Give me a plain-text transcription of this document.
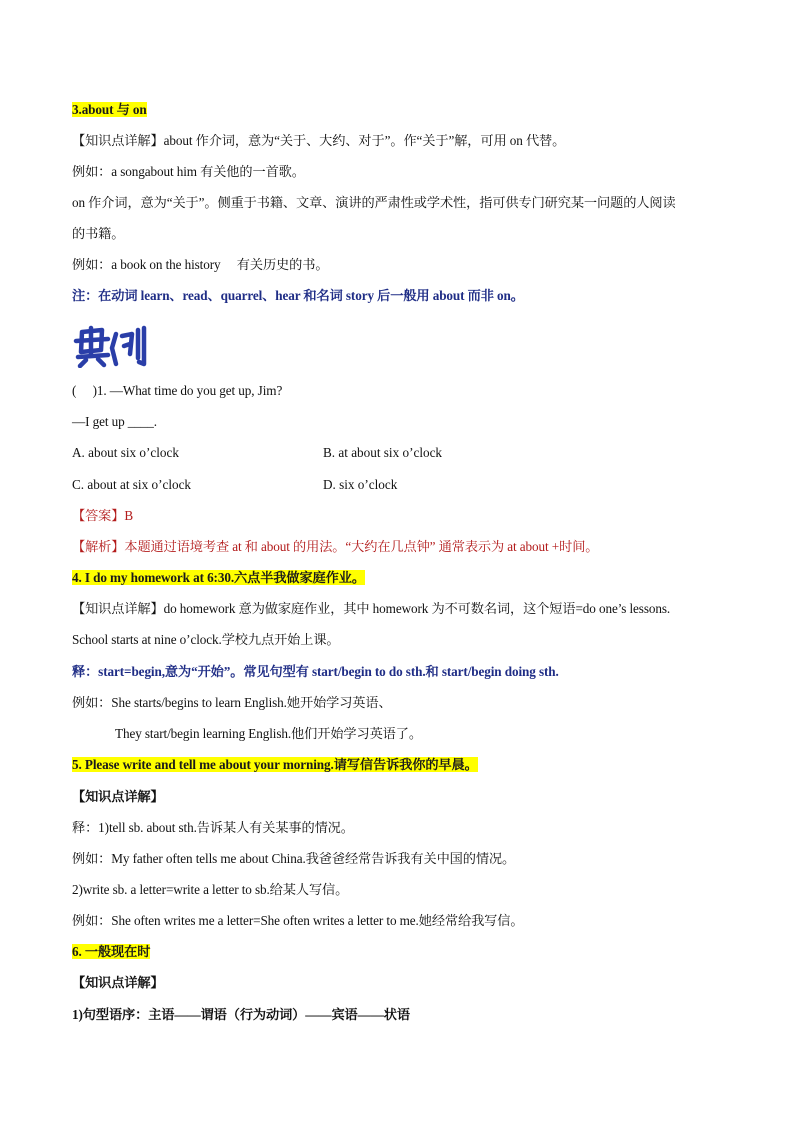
3.about 与 on
【知识点详解】about 作介词，意为“关于、大约、对于”。作“关于”解，可用 on 代替。
例如：a songabout him 有关他的一首歌。
on 作介词，意为“关于”。侧重于书籍、文章、演讲的严肃性或学术性，指可供专门研究某一问题的人阅读
的书籍。
例如：a book on the history　 有关历史的书。
注：在动词 learn、read、quarrel、hear 和名词 story 后一般用 about 而非 on。
(　 )1. —What time do you get up, Jim?
—I get up ____.
A. about six o’clock	B. at about six o’clock
C. about at six o’clock	D. six o’clock
【答案】B
【解析】本题通过语境考查 at 和 about 的用法。“大约在几点钟” 通常表示为 at about +时间。
4. I do my homework at 6:30.六点半我做家庭作业。
【知识点详解】do homework 意为做家庭作业，其中 homework 为不可数名词，这个短语=do one’s lessons.
School starts at nine o’clock.学校九点开始上课。
释：start=begin,意为“开始”。常见句型有 start/begin to do sth.和 start/begin doing sth.
例如：She starts/begins to learn English.她开始学习英语、
They start/begin learning English.他们开始学习英语了。
5. Please write and tell me about your morning.请写信告诉我你的早晨。
【知识点详解】
释：1)tell sb. about sth.告诉某人有关某事的情况。
例如：My father often tells me about China.我爸爸经常告诉我有关中国的情况。
2)write sb. a letter=write a letter to sb.给某人写信。
例如：She often writes me a letter=She often writes a letter to me.她经常给我写信。
6. 一般现在时
【知识点详解】
1)句型语序：主语——谓语（行为动词）——宾语——状语
